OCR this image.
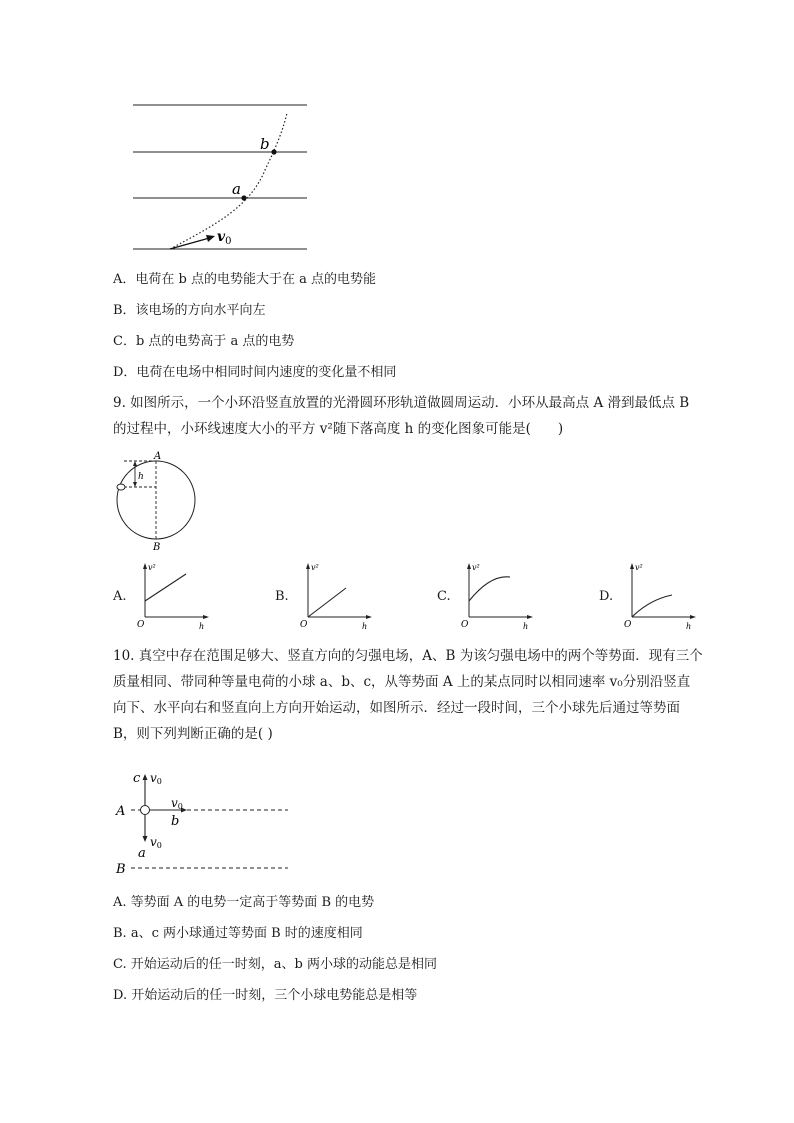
b
a
$v_0$
A．电荷在 b 点的电势能大于在 a 点的电势能
B．该电场的方向水平向左
C．b 点的电势高于 a 点的电势
D．电荷在电场中相同时间内速度的变化量不相同
9. 如图所示，一个小环沿竖直放置的光滑圆环形轨道做圆周运动．小环从最高点 A 滑到最低点 B 的过程中，小环线速度大小的平方 v²随下落高度 h 的变化图象可能是(　　)
A
B
h
A.
v²
h
O
B.
v²
h
O
C.
v²
h
O
D.
v²
h
O
10. 真空中存在范围足够大、竖直方向的匀强电场，A、B 为该匀强电场中的两个等势面．现有三个质量相同、带同种等量电荷的小球 a、b、c，从等势面 A 上的某点同时以相同速率 v₀分别沿竖直向下、水平向右和竖直向上方向开始运动，如图所示．经过一段时间，三个小球先后通过等势面 B，则下列判断正确的是( )
c v0
A
v0
b
v0
a
B
A. 等势面 A 的电势一定高于等势面 B 的电势
B. a、c 两小球通过等势面 B 时的速度相同
C. 开始运动后的任一时刻，a、b 两小球的动能总是相同
D. 开始运动后的任一时刻，三个小球电势能总是相等
